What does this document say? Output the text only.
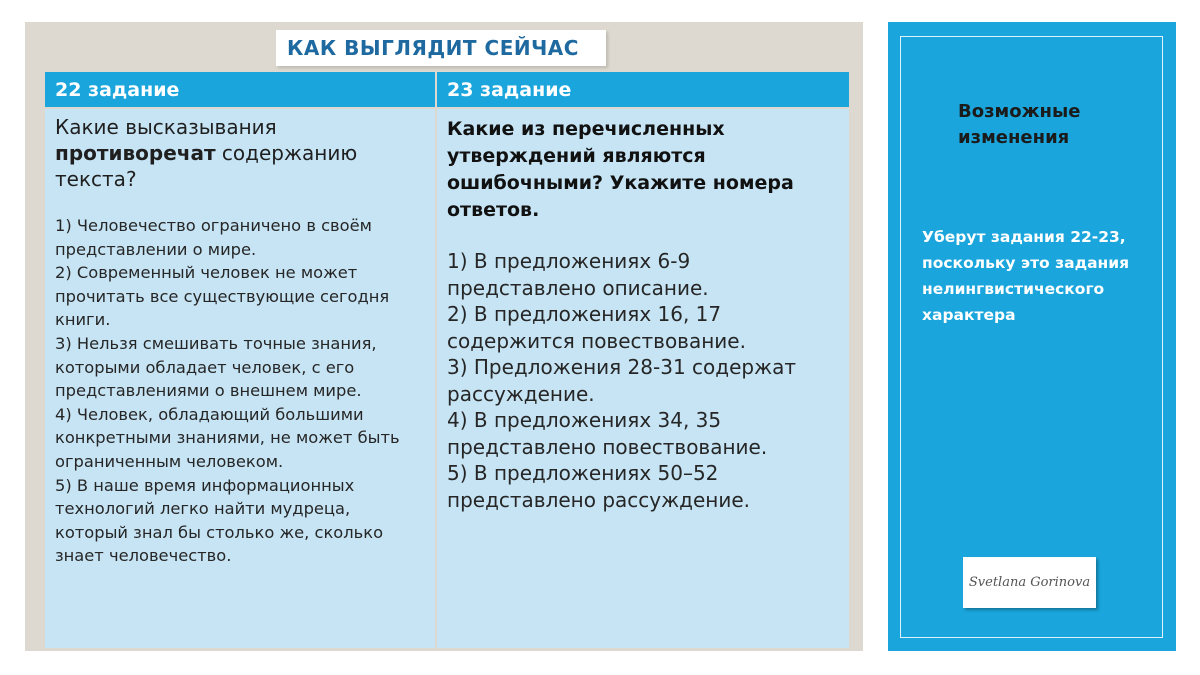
КАК ВЫГЛЯДИТ СЕЙЧАС
22 задание	23 задание

Какие высказывания противоречат содержанию текста?

1) Человечество ограничено в своём представлении о мире.
2) Современный человек не может прочитать все существующие сегодня книги.
3) Нельзя смешивать точные знания, которыми обладает человек, с его представлениями о внешнем мире.
4) Человек, обладающий большими конкретными знаниями, не может быть ограниченным человеком.
5) В наше время информационных технологий легко найти мудреца, который знал бы столько же, сколько знает человечество.

Какие из перечисленных утверждений являются ошибочными? Укажите номера ответов.

1) В предложениях 6-9 представлено описание.
2) В предложениях 16, 17 содержится повествование.
3) Предложения 28-31 содержат рассуждение.
4) В предложениях 34, 35 представлено повествование.
5) В предложениях 50–52 представлено рассуждение.
Возможные изменения
Уберут задания 22-23, поскольку это задания нелингвистического характера
Svetlana Gorinova
